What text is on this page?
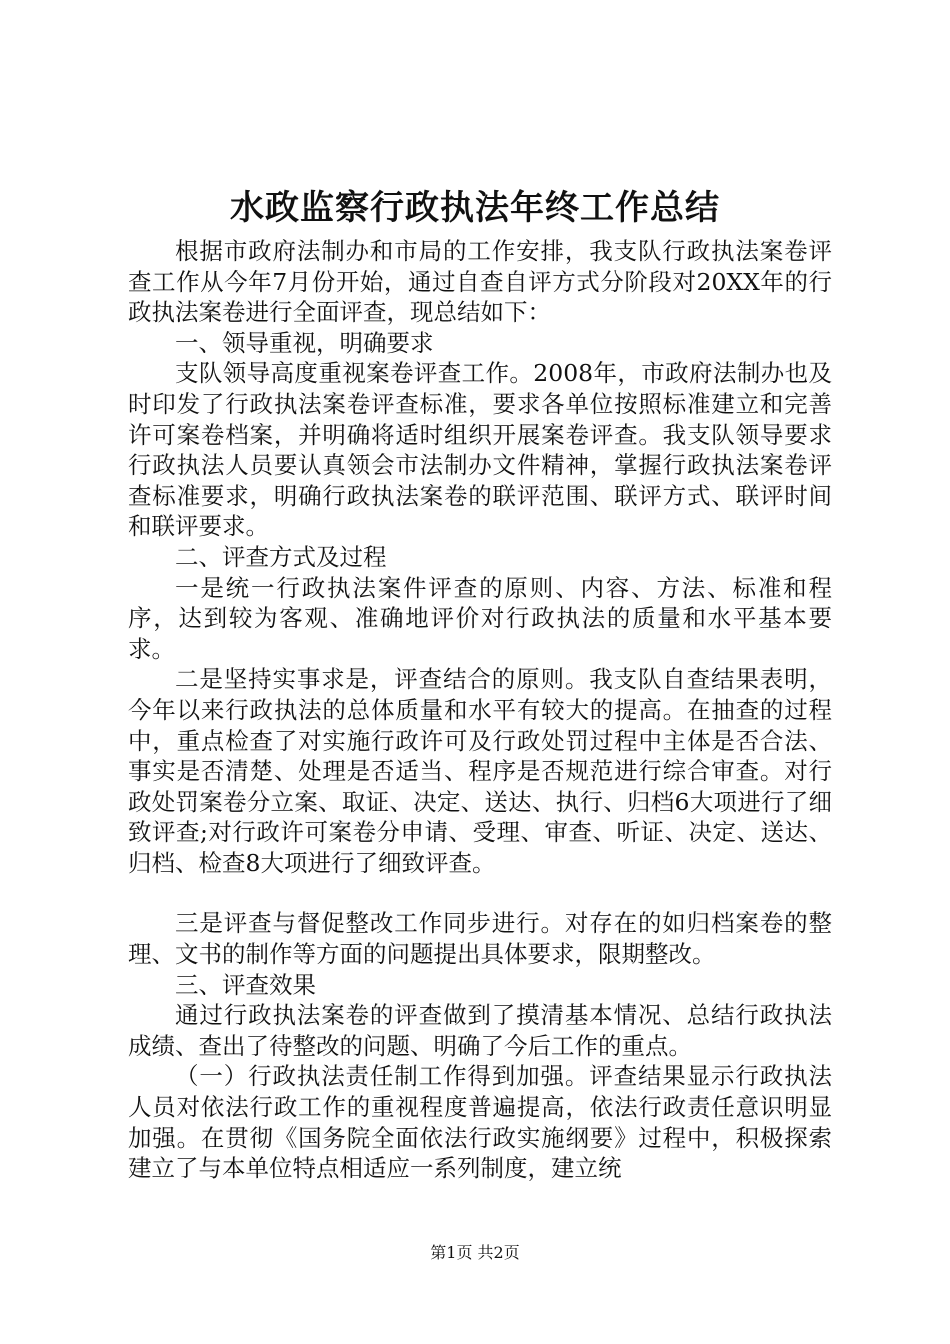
水政监察行政执法年终工作总结

根据市政府法制办和市局的工作安排，我支队行政执法案卷评查工作从今年7月份开始，通过自查自评方式分阶段对20XX年的行政执法案卷进行全面评查，现总结如下：

一、领导重视，明确要求

支队领导高度重视案卷评查工作。2008年，市政府法制办也及时印发了行政执法案卷评查标准，要求各单位按照标准建立和完善许可案卷档案，并明确将适时组织开展案卷评查。我支队领导要求行政执法人员要认真领会市法制办文件精神，掌握行政执法案卷评查标准要求，明确行政执法案卷的联评范围、联评方式、联评时间和联评要求。

二、评查方式及过程

一是统一行政执法案件评查的原则、内容、方法、标准和程序，达到较为客观、准确地评价对行政执法的质量和水平基本要求。

二是坚持实事求是，评查结合的原则。我支队自查结果表明，今年以来行政执法的总体质量和水平有较大的提高。在抽查的过程中，重点检查了对实施行政许可及行政处罚过程中主体是否合法、事实是否清楚、处理是否适当、程序是否规范进行综合审查。对行政处罚案卷分立案、取证、决定、送达、执行、归档6大项进行了细致评查;对行政许可案卷分申请、受理、审查、听证、决定、送达、归档、检查8大项进行了细致评查。

三是评查与督促整改工作同步进行。对存在的如归档案卷的整理、文书的制作等方面的问题提出具体要求，限期整改。

三、评查效果

通过行政执法案卷的评查做到了摸清基本情况、总结行政执法成绩、查出了待整改的问题、明确了今后工作的重点。

（一）行政执法责任制工作得到加强。评查结果显示行政执法人员对依法行政工作的重视程度普遍提高，依法行政责任意识明显加强。在贯彻《国务院全面依法行政实施纲要》过程中，积极探索建立了与本单位特点相适应一系列制度，建立统

第1页 共2页
